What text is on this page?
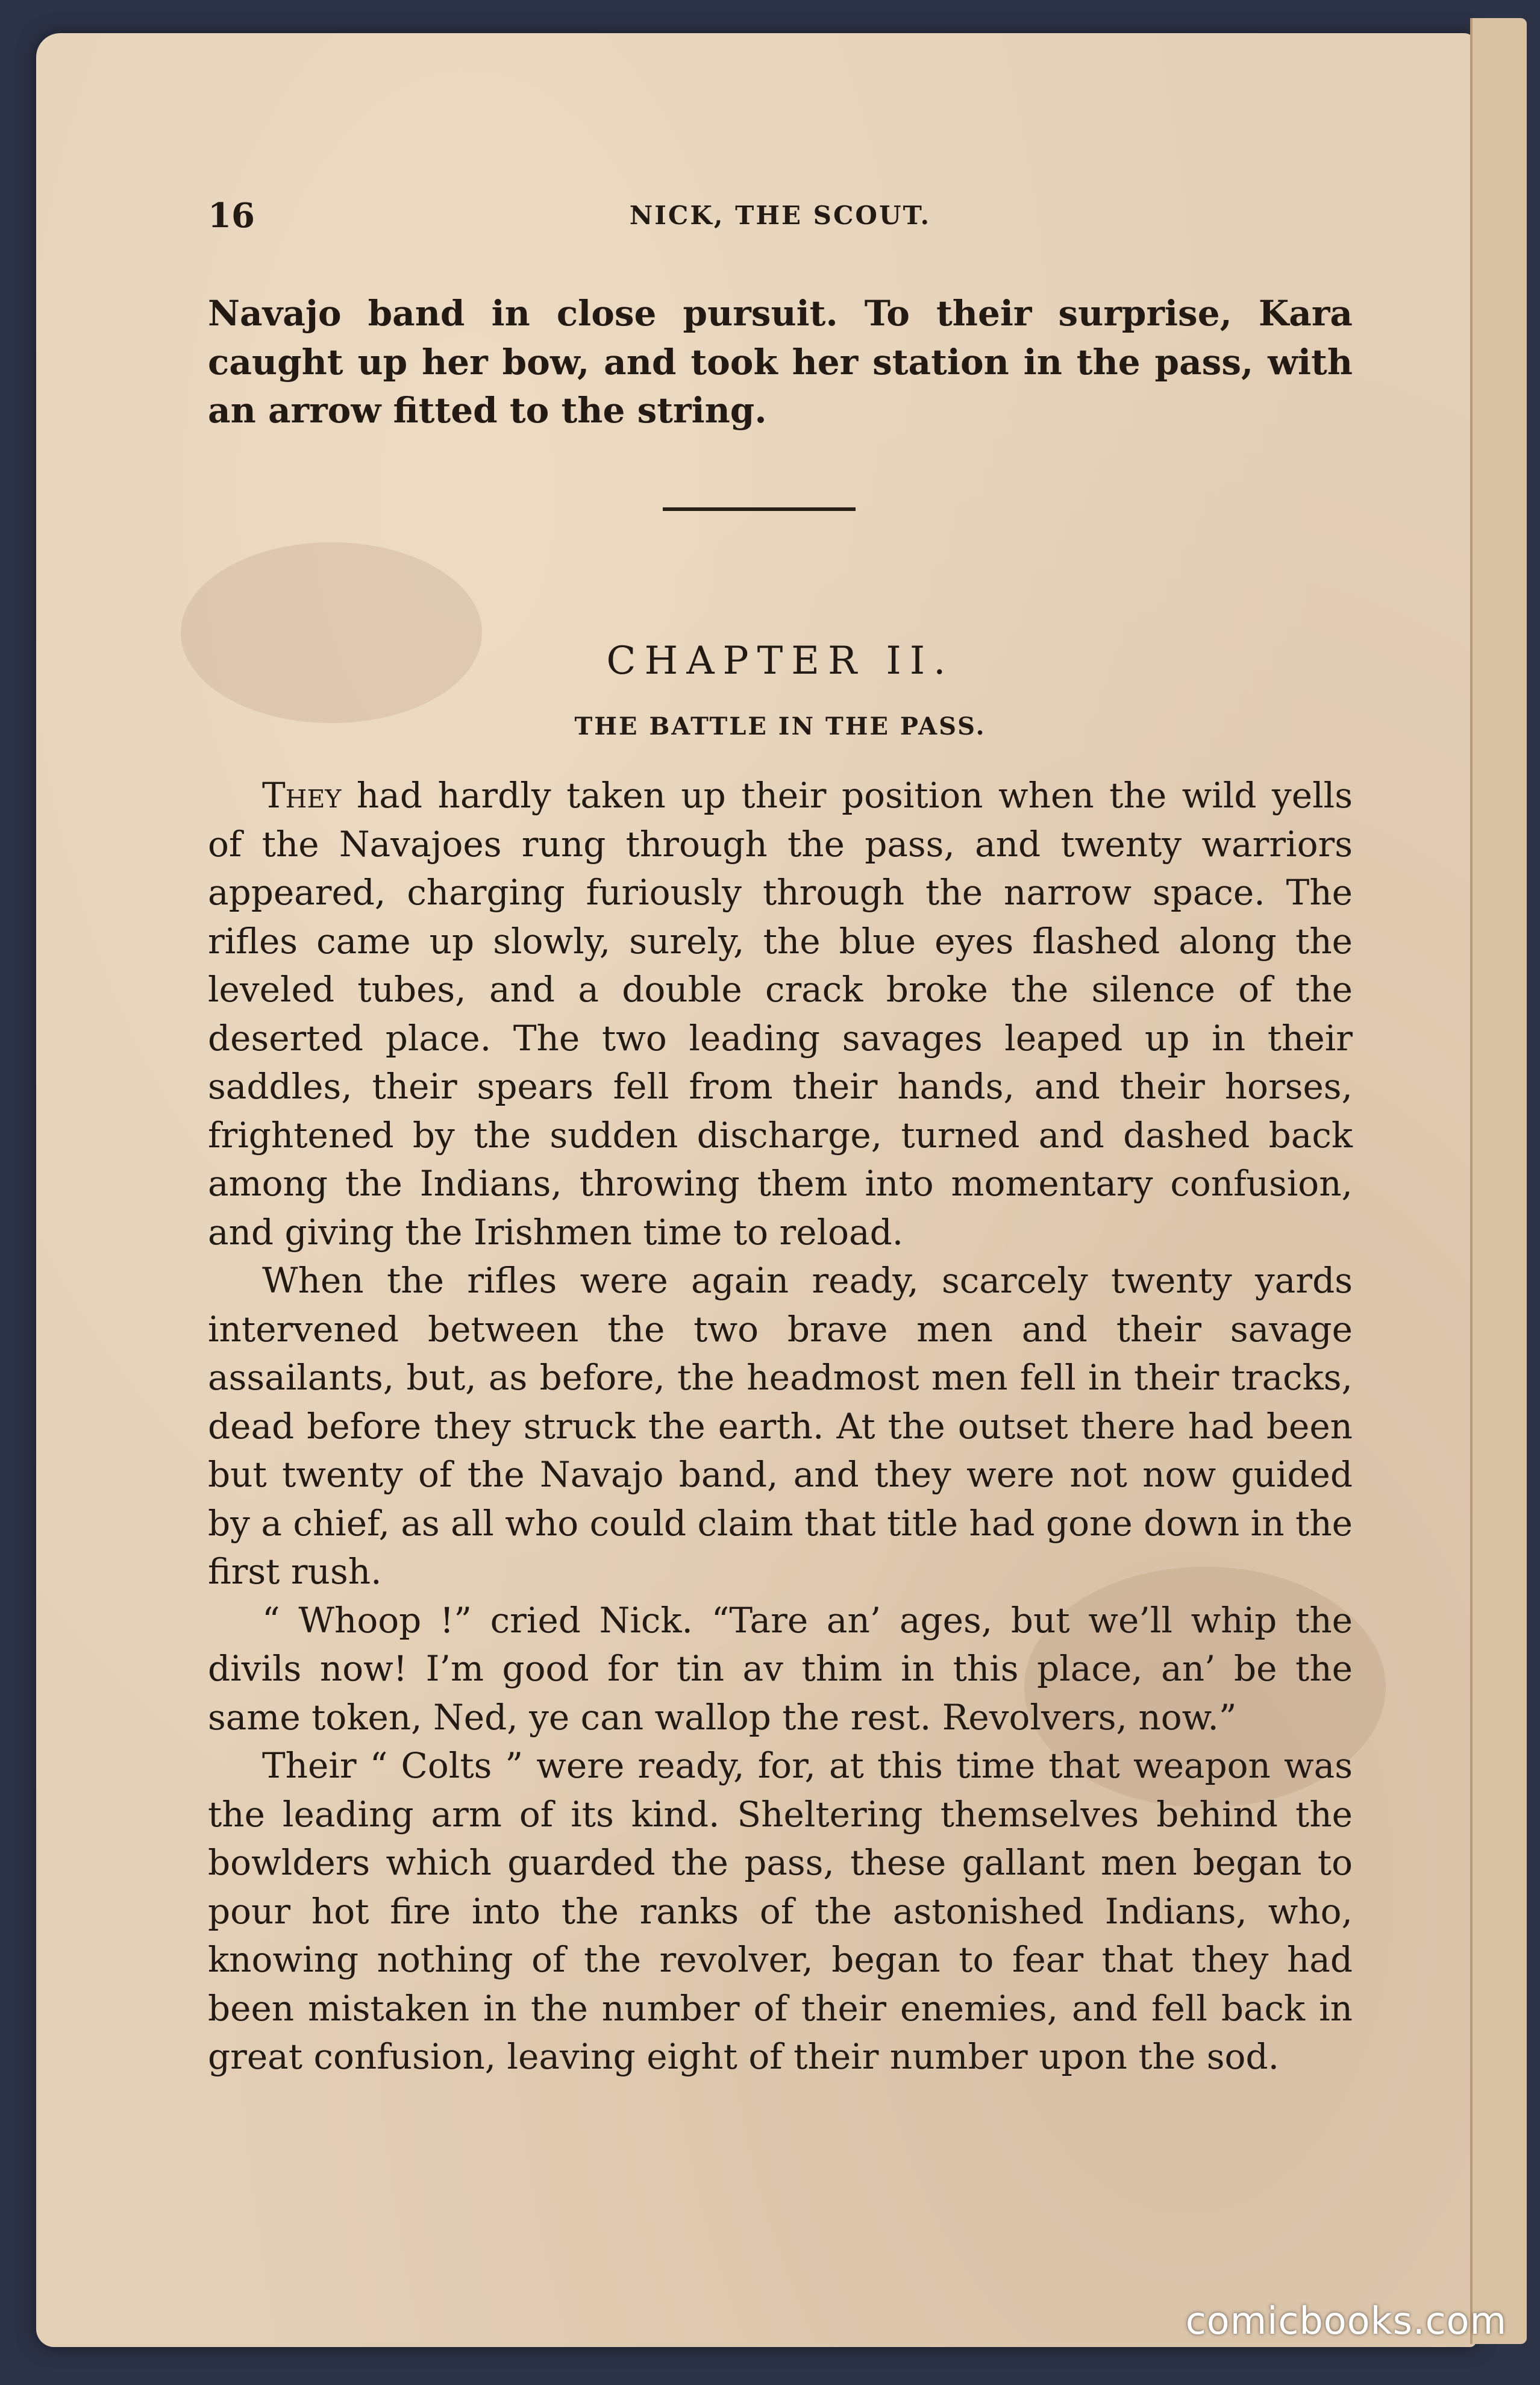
16	NICK, THE SCOUT.

Navajo band in close pursuit. To their surprise, Kara caught up her bow, and took her station in the pass, with an arrow fitted to the string.

CHAPTER II.
THE BATTLE IN THE PASS.

They had hardly taken up their position when the wild yells of the Navajoes rung through the pass, and twenty warriors appeared, charging furiously through the narrow space. The rifles came up slowly, surely, the blue eyes flashed along the leveled tubes, and a double crack broke the silence of the deserted place. The two leading savages leaped up in their saddles, their spears fell from their hands, and their horses, frightened by the sudden discharge, turned and dashed back among the Indians, throwing them into momentary confusion, and giving the Irishmen time to reload.

When the rifles were again ready, scarcely twenty yards intervened between the two brave men and their savage assailants, but, as before, the headmost men fell in their tracks, dead before they struck the earth. At the outset there had been but twenty of the Navajo band, and they were not now guided by a chief, as all who could claim that title had gone down in the first rush.

“ Whoop !” cried Nick. “Tare an’ ages, but we’ll whip the divils now! I’m good for tin av thim in this place, an’ be the same token, Ned, ye can wallop the rest. Revolvers, now.”

Their “ Colts ” were ready, for, at this time that weapon was the leading arm of its kind. Sheltering themselves behind the bowlders which guarded the pass, these gallant men began to pour hot fire into the ranks of the astonished Indians, who, knowing nothing of the revolver, began to fear that they had been mistaken in the number of their enemies, and fell back in great confusion, leaving eight of their number upon the sod.

comicbooks.com
